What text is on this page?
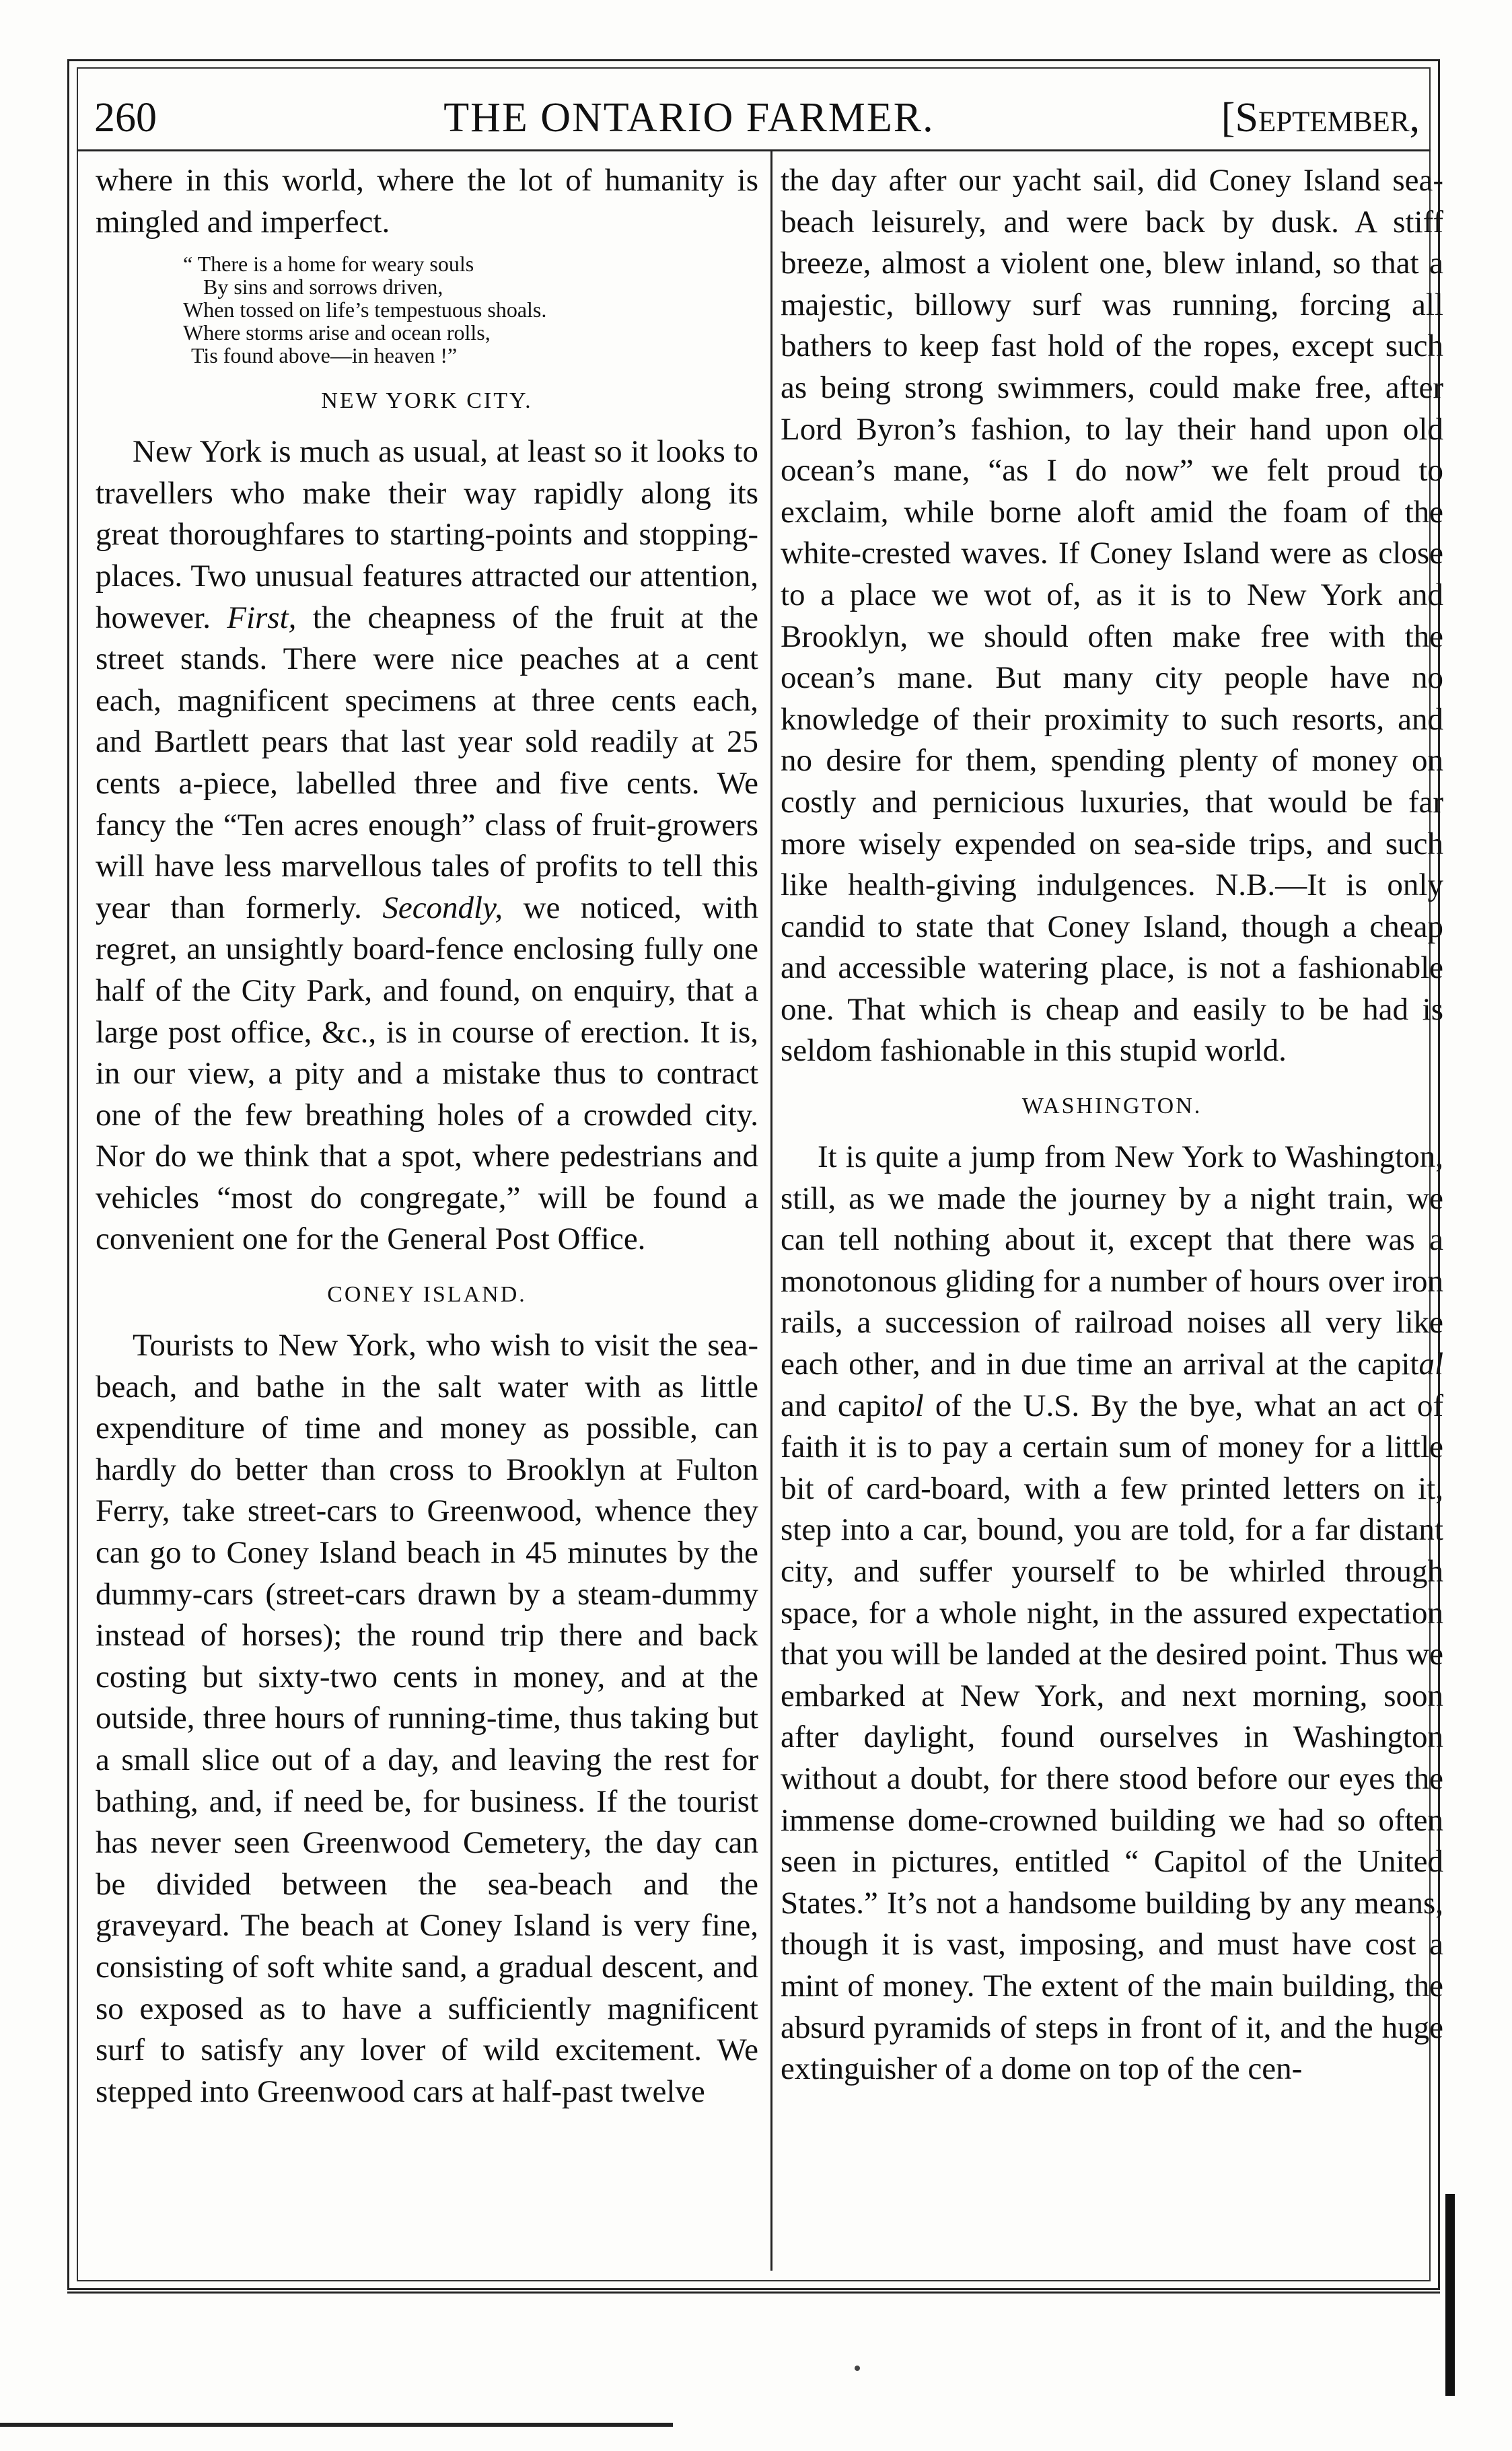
260	THE ONTARIO FARMER.	[September,

where in this world, where the lot of humanity is mingled and imperfect.

“ There is a home for weary souls
By sins and sorrows driven,
When tossed on life’s tempestuous shoals.
Where storms arise and ocean rolls,
Tis found above—in heaven !”
NEW YORK CITY.

New York is much as usual, at least so it looks to travellers who make their way rapidly along its great thoroughfares to starting-points and stopping-places. Two unusual features attracted our attention, however. First, the cheapness of the fruit at the street stands. There were nice peaches at a cent each, magnificent specimens at three cents each, and Bartlett pears that last year sold readily at 25 cents a-piece, labelled three and five cents. We fancy the “Ten acres enough” class of fruit-growers will have less marvellous tales of profits to tell this year than formerly. Secondly, we noticed, with regret, an unsightly board-fence enclosing fully one half of the City Park, and found, on enquiry, that a large post office, &c., is in course of erection. It is, in our view, a pity and a mistake thus to contract one of the few breathing holes of a crowded city. Nor do we think that a spot, where pedestrians and vehicles “most do congregate,” will be found a convenient one for the General Post Office.

CONEY ISLAND.

Tourists to New York, who wish to visit the sea-beach, and bathe in the salt water with as little expenditure of time and money as possible, can hardly do better than cross to Brooklyn at Fulton Ferry, take street-cars to Greenwood, whence they can go to Coney Island beach in 45 minutes by the dummy-cars (street-cars drawn by a steam-dummy instead of horses); the round trip there and back costing but sixty-two cents in money, and at the outside, three hours of running-time, thus taking but a small slice out of a day, and leaving the rest for bathing, and, if need be, for business. If the tourist has never seen Greenwood Cemetery, the day can be divided between the sea-beach and the graveyard. The beach at Coney Island is very fine, consisting of soft white sand, a gradual descent, and so exposed as to have a sufficiently magnificent surf to satisfy any lover of wild excitement. We stepped into Greenwood cars at half-past twelve

the day after our yacht sail, did Coney Island sea-beach leisurely, and were back by dusk. A stiff breeze, almost a violent one, blew inland, so that a majestic, billowy surf was running, forcing all bathers to keep fast hold of the ropes, except such as being strong swimmers, could make free, after Lord Byron’s fashion, to lay their hand upon old ocean’s mane, “as I do now” we felt proud to exclaim, while borne aloft amid the foam of the white-crested waves. If Coney Island were as close to a place we wot of, as it is to New York and Brooklyn, we should often make free with the ocean’s mane. But many city people have no knowledge of their proximity to such resorts, and no desire for them, spending plenty of money on costly and pernicious luxuries, that would be far more wisely expended on sea-side trips, and such like health-giving indulgences. N.B.—It is only candid to state that Coney Island, though a cheap and accessible watering place, is not a fashionable one. That which is cheap and easily to be had is seldom fashionable in this stupid world.

WASHINGTON.

It is quite a jump from New York to Washington, still, as we made the journey by a night train, we can tell nothing about it, except that there was a monotonous gliding for a number of hours over iron rails, a succession of railroad noises all very like each other, and in due time an arrival at the capital and capitol of the U.S. By the bye, what an act of faith it is to pay a certain sum of money for a little bit of card-board, with a few printed letters on it, step into a car, bound, you are told, for a far distant city, and suffer yourself to be whirled through space, for a whole night, in the assured expectation that you will be landed at the desired point. Thus we embarked at New York, and next morning, soon after daylight, found ourselves in Washington without a doubt, for there stood before our eyes the immense dome-crowned building we had so often seen in pictures, entitled “ Capitol of the United States.” It’s not a handsome building by any means, though it is vast, imposing, and must have cost a mint of money. The extent of the main building, the absurd pyramids of steps in front of it, and the huge extinguisher of a dome on top of the cen-
